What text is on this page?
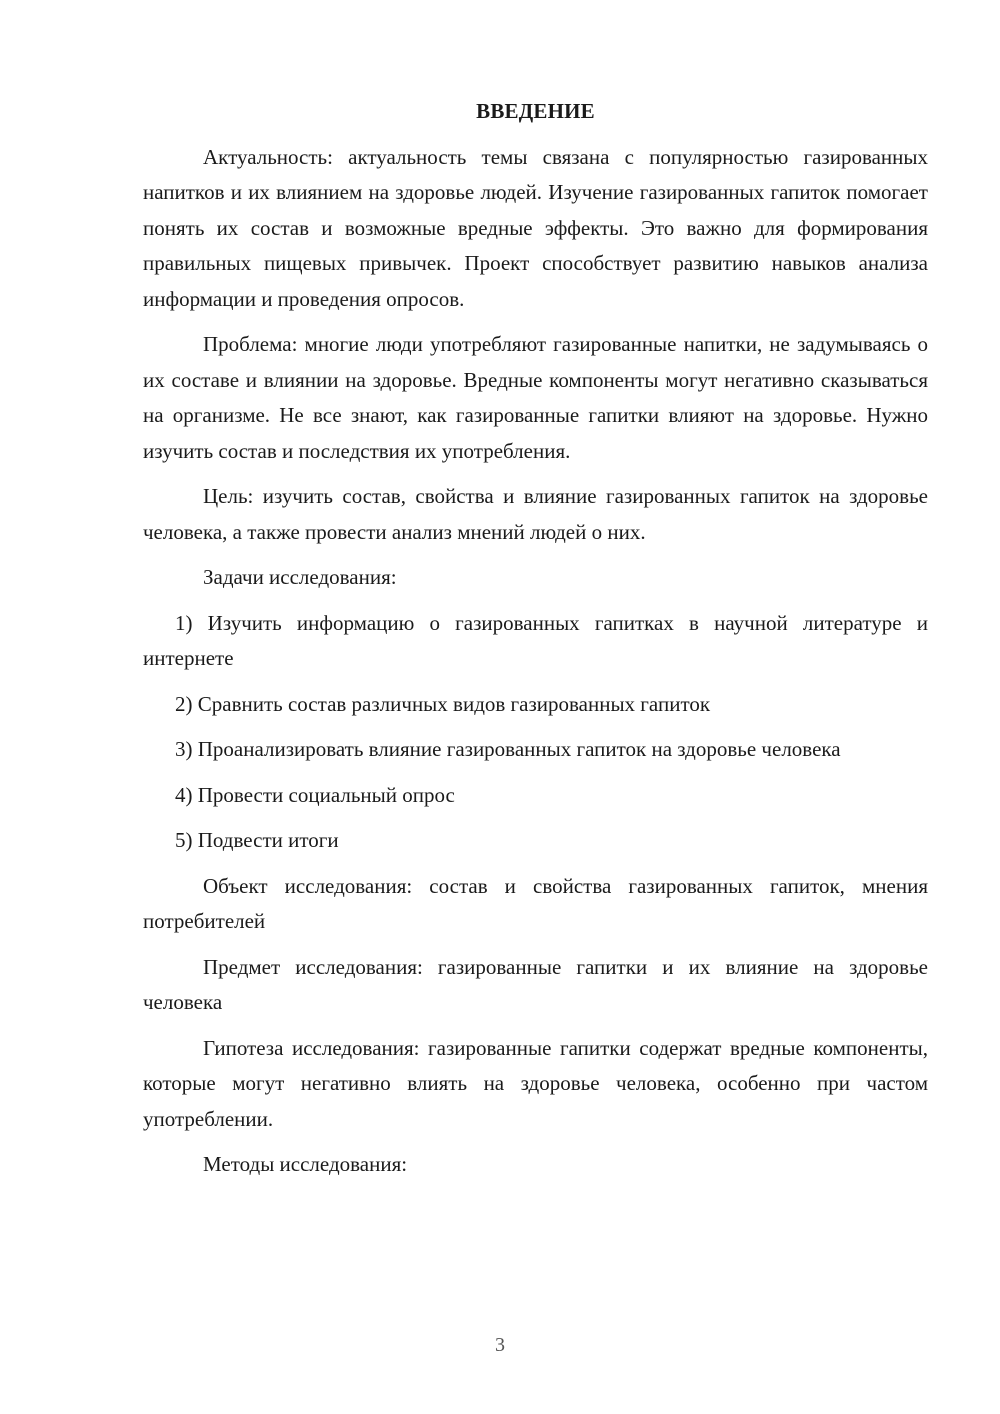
ВВЕДЕНИЕ

Актуальность: актуальность темы связана с популярностью газированных напитков и их влиянием на здоровье людей. Изучение газированных гапиток помогает понять их состав и возможные вредные эффекты. Это важно для формирования правильных пищевых привычек. Проект способствует развитию навыков анализа информации и проведения опросов.

Проблема: многие люди употребляют газированные напитки, не задумываясь о их составе и влиянии на здоровье. Вредные компоненты могут негативно сказываться на организме. Не все знают, как газированные гапитки влияют на здоровье. Нужно изучить состав и последствия их употребления.

Цель: изучить состав, свойства и влияние газированных гапиток на здоровье человека, а также провести анализ мнений людей о них.

Задачи исследования:

1) Изучить информацию о газированных гапитках в научной литературе и интернете

2) Сравнить состав различных видов газированных гапиток

3) Проанализировать влияние газированных гапиток на здоровье человека

4) Провести социальный опрос

5) Подвести итоги

Объект исследования: состав и свойства газированных гапиток, мнения потребителей

Предмет исследования: газированные гапитки и их влияние на здоровье человека

Гипотеза исследования: газированные гапитки содержат вредные компоненты, которые могут негативно влиять на здоровье человека, особенно при частом употреблении.

Методы исследования:

3
